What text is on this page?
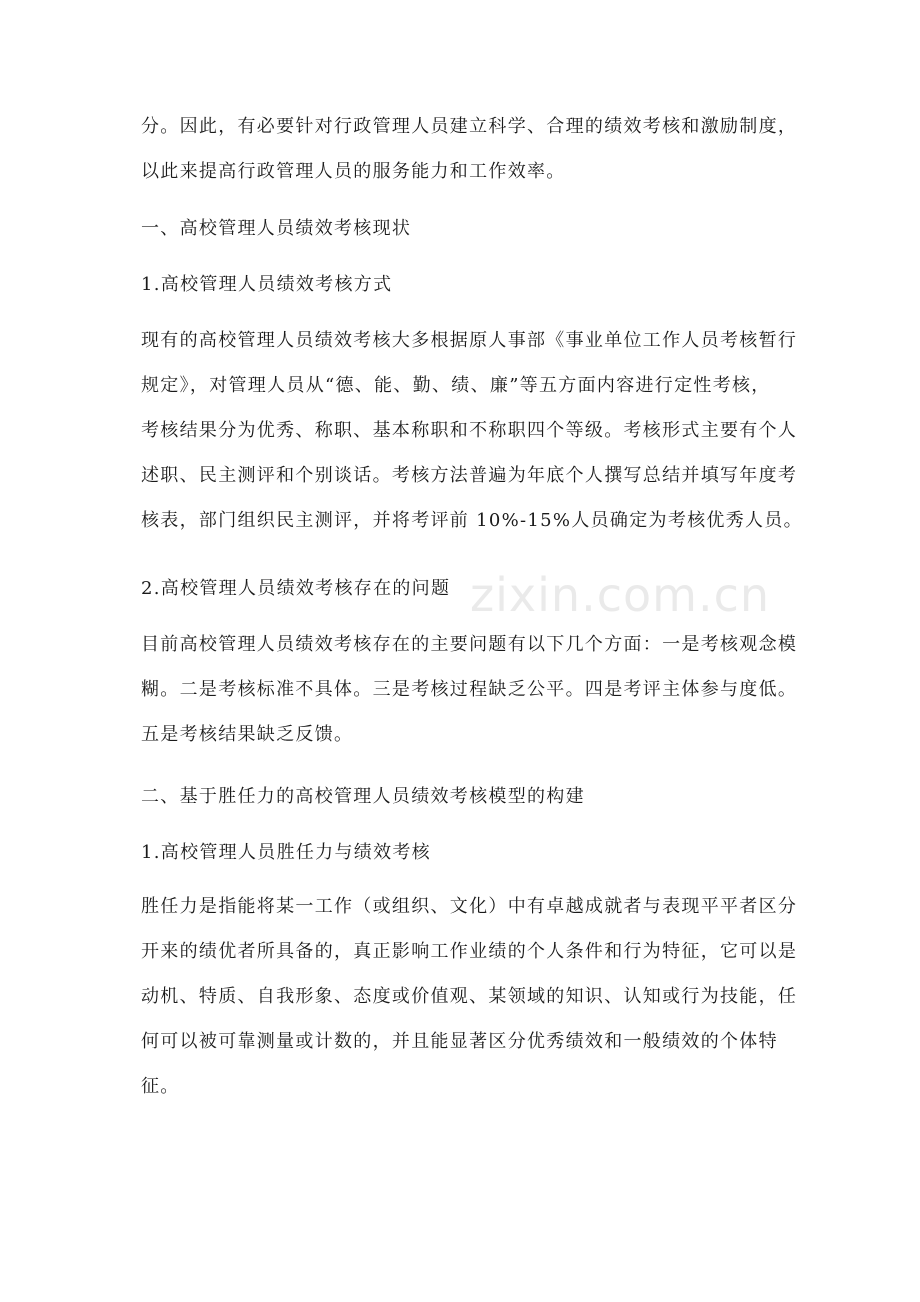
zixin.com.cn

分。因此，有必要针对行政管理人员建立科学、合理的绩效考核和激励制度，
以此来提高行政管理人员的服务能力和工作效率。

一、高校管理人员绩效考核现状

1.高校管理人员绩效考核方式

现有的高校管理人员绩效考核大多根据原人事部《事业单位工作人员考核暂行
规定》，对管理人员从“德、能、勤、绩、廉”等五方面内容进行定性考核，
考核结果分为优秀、称职、基本称职和不称职四个等级。考核形式主要有个人
述职、民主测评和个别谈话。考核方法普遍为年底个人撰写总结并填写年度考
核表，部门组织民主测评，并将考评前 10%-15%人员确定为考核优秀人员。

2.高校管理人员绩效考核存在的问题

目前高校管理人员绩效考核存在的主要问题有以下几个方面：一是考核观念模
糊。二是考核标准不具体。三是考核过程缺乏公平。四是考评主体参与度低。
五是考核结果缺乏反馈。

二、基于胜任力的高校管理人员绩效考核模型的构建

1.高校管理人员胜任力与绩效考核

胜任力是指能将某一工作（或组织、文化）中有卓越成就者与表现平平者区分
开来的绩优者所具备的，真正影响工作业绩的个人条件和行为特征，它可以是
动机、特质、自我形象、态度或价值观、某领域的知识、认知或行为技能，任
何可以被可靠测量或计数的，并且能显著区分优秀绩效和一般绩效的个体特
征。
